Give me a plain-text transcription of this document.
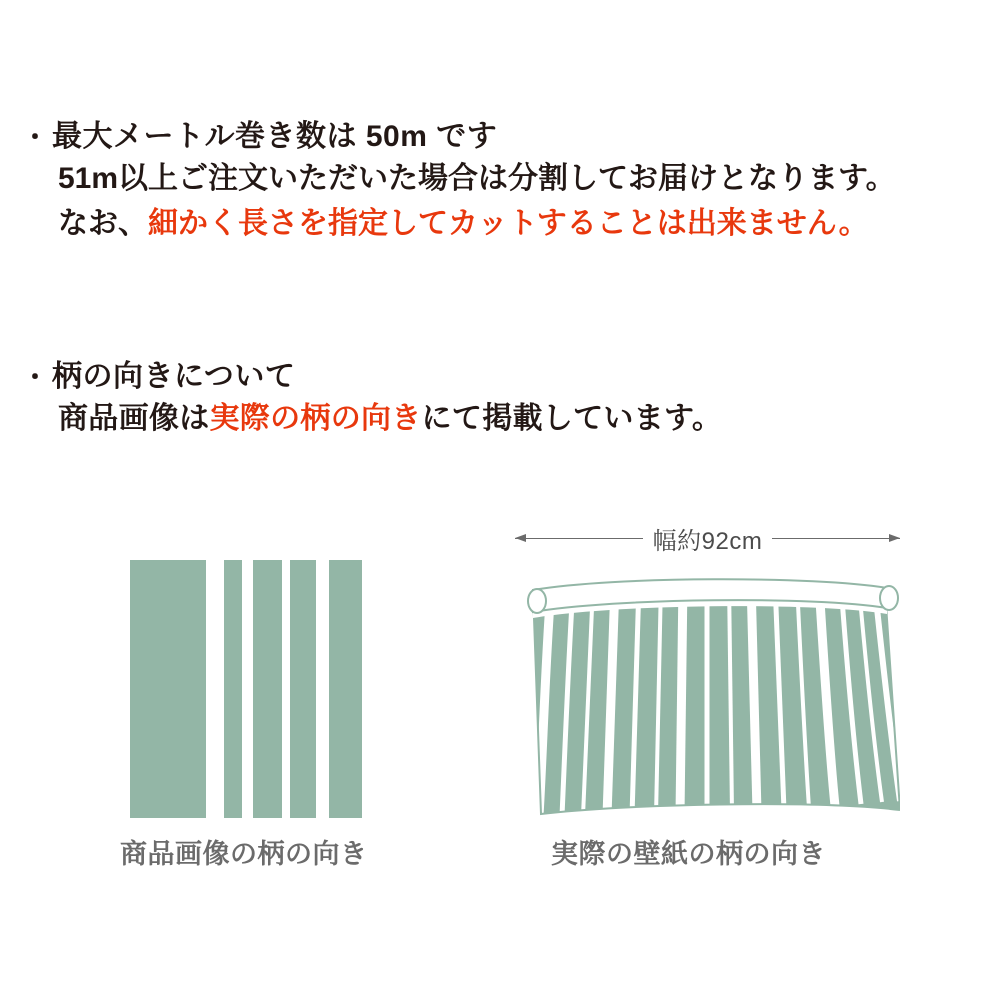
・ 最大メートル巻き数は 50m です
51m以上ご注文いただいた場合は分割してお届けとなります。
なお、細かく長さを指定してカットすることは出来ません。
・ 柄の向きについて
商品画像は実際の柄の向きにて掲載しています。
幅約92cm
商品画像の柄の向き	実際の壁紙の柄の向き
